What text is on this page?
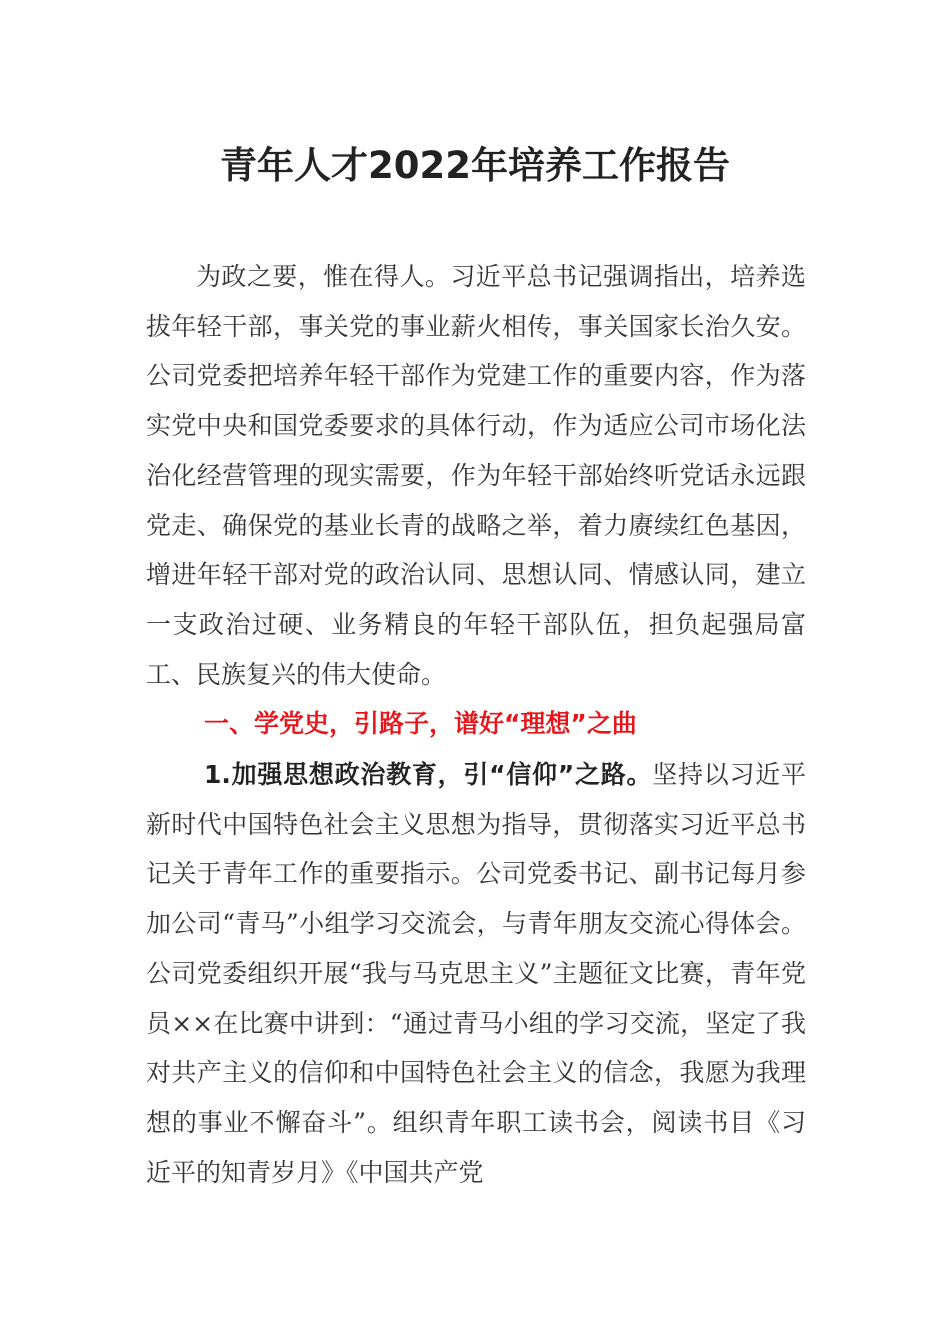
青年人才2022年培养工作报告

为政之要，惟在得人。习近平总书记强调指出，培养选拔年轻干部，事关党的事业薪火相传，事关国家长治久安。公司党委把培养年轻干部作为党建工作的重要内容，作为落实党中央和国党委要求的具体行动，作为适应公司市场化法治化经营管理的现实需要，作为年轻干部始终听党话永远跟党走、确保党的基业长青的战略之举，着力赓续红色基因，增进年轻干部对党的政治认同、思想认同、情感认同，建立一支政治过硬、业务精良的年轻干部队伍，担负起强局富工、民族复兴的伟大使命。

一、学党史，引路子，谱好“理想”之曲

1.加强思想政治教育，引“信仰”之路。坚持以习近平新时代中国特色社会主义思想为指导，贯彻落实习近平总书记关于青年工作的重要指示。公司党委书记、副书记每月参加公司“青马”小组学习交流会，与青年朋友交流心得体会。公司党委组织开展“我与马克思主义”主题征文比赛，青年党员××在比赛中讲到：“通过青马小组的学习交流，坚定了我对共产主义的信仰和中国特色社会主义的信念，我愿为我理想的事业不懈奋斗”。组织青年职工读书会，阅读书目《习近平的知青岁月》《中国共产党
